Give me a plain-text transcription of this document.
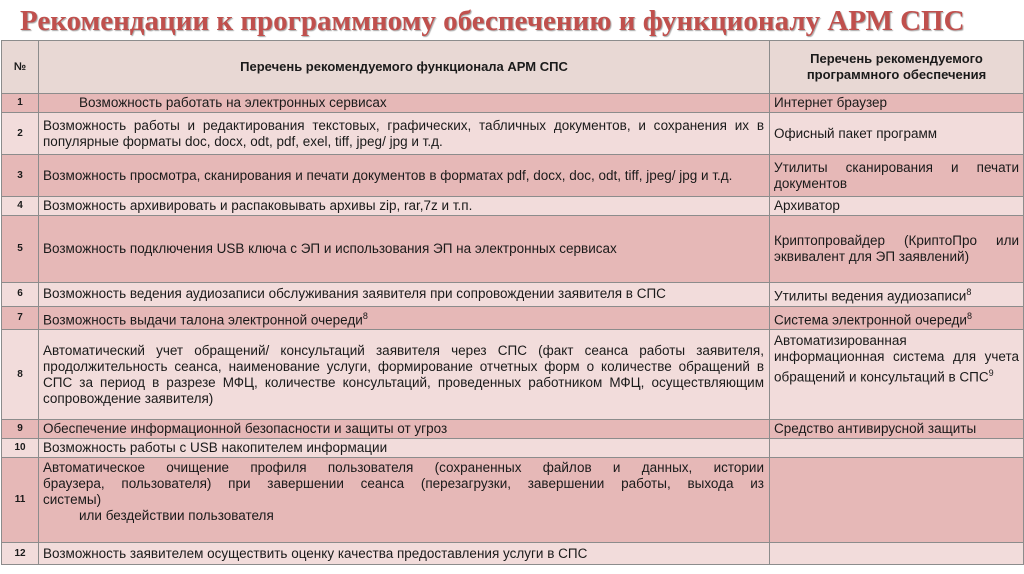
Рекомендации к программному обеспечению и функционалу АРМ СПС
№	Перечень рекомендуемого функционала АРМ СПС	Перечень рекомендуемого программного обеспечения
1	Возможность работать на электронных сервисах	Интернет браузер
2	Возможность работы и редактирования текстовых, графических, табличных документов, и сохранения их в популярные форматы doc, docx, odt, pdf, exel, tiff, jpeg/ jpg и т.д.	Офисный пакет программ
3	Возможность просмотра, сканирования и печати документов в форматах pdf, docx, doc, odt, tiff, jpeg/ jpg и т.д.	Утилиты сканирования и печати документов
4	Возможность архивировать и распаковывать архивы zip, rar,7z и т.п.	Архиватор
5	Возможность подключения USB ключа с ЭП и использования ЭП на электронных сервисах	Криптопровайдер (КриптоПро или эквивалент для ЭП заявлений)
6	Возможность ведения аудиозаписи обслуживания заявителя при сопровождении заявителя в СПС	Утилиты ведения аудиозаписи$^8$
7	Возможность выдачи талона электронной очереди$^8$	Система электронной очереди$^8$
8	Автоматический учет обращений/ консультаций заявителя через СПС (факт сеанса работы заявителя, продолжительность сеанса, наименование услуги, формирование отчетных форм о количестве обращений в СПС за период в разрезе МФЦ, количестве консультаций, проведенных работником МФЦ, осуществляющим сопровождение заявителя)	Автоматизированная информационная система для учета обращений и консультаций в СПС$^9$
9	Обеспечение информационной безопасности и защиты от угроз	Средство антивирусной защиты
10	Возможность работы с USB накопителем информации	
11	Автоматическое очищение профиля пользователя (сохраненных файлов и данных, истории
браузера, пользователя) при завершении сеанса (перезагрузки, завершении работы, выхода из
системы)
или бездействии пользователя	

12	Возможность заявителем осуществить оценку качества предоставления услуги в СПС	
